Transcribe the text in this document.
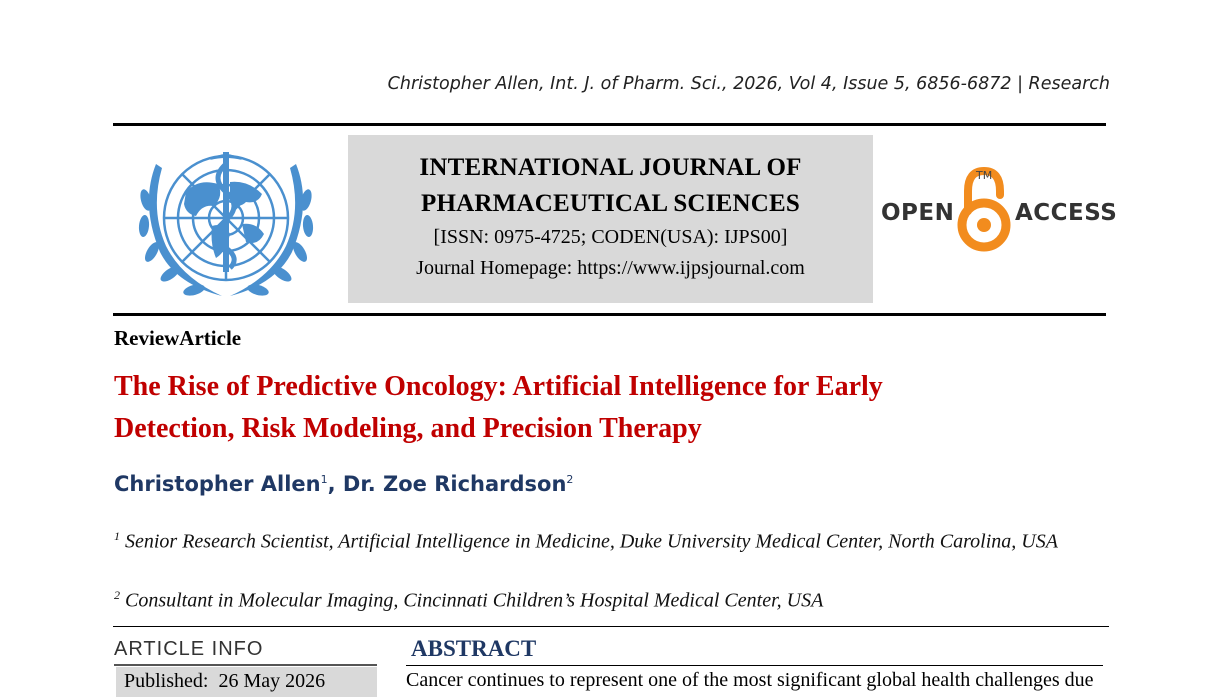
Christopher Allen, Int. J. of Pharm. Sci., 2026, Vol 4, Issue 5, 6856-6872 | Research
INTERNATIONAL JOURNAL OF
PHARMACEUTICAL SCIENCES
[ISSN: 0975-4725; CODEN(USA): IJPS00]
Journal Homepage: https://www.ijpsjournal.com
OPEN
TM
ACCESS
ReviewArticle
The Rise of Predictive Oncology: Artificial Intelligence for Early
Detection, Risk Modeling, and Precision Therapy
Christopher Allen$^1$, Dr. Zoe Richardson$^2$
$^1$ Senior Research Scientist, Artificial Intelligence in Medicine, Duke University Medical Center, North Carolina, USA
$^2$ Consultant in Molecular Imaging, Cincinnati Children’s Hospital Medical Center, USA
ARTICLE INFO
Published:  26 May 2026
ABSTRACT
Cancer continues to represent one of the most significant global health challenges due
